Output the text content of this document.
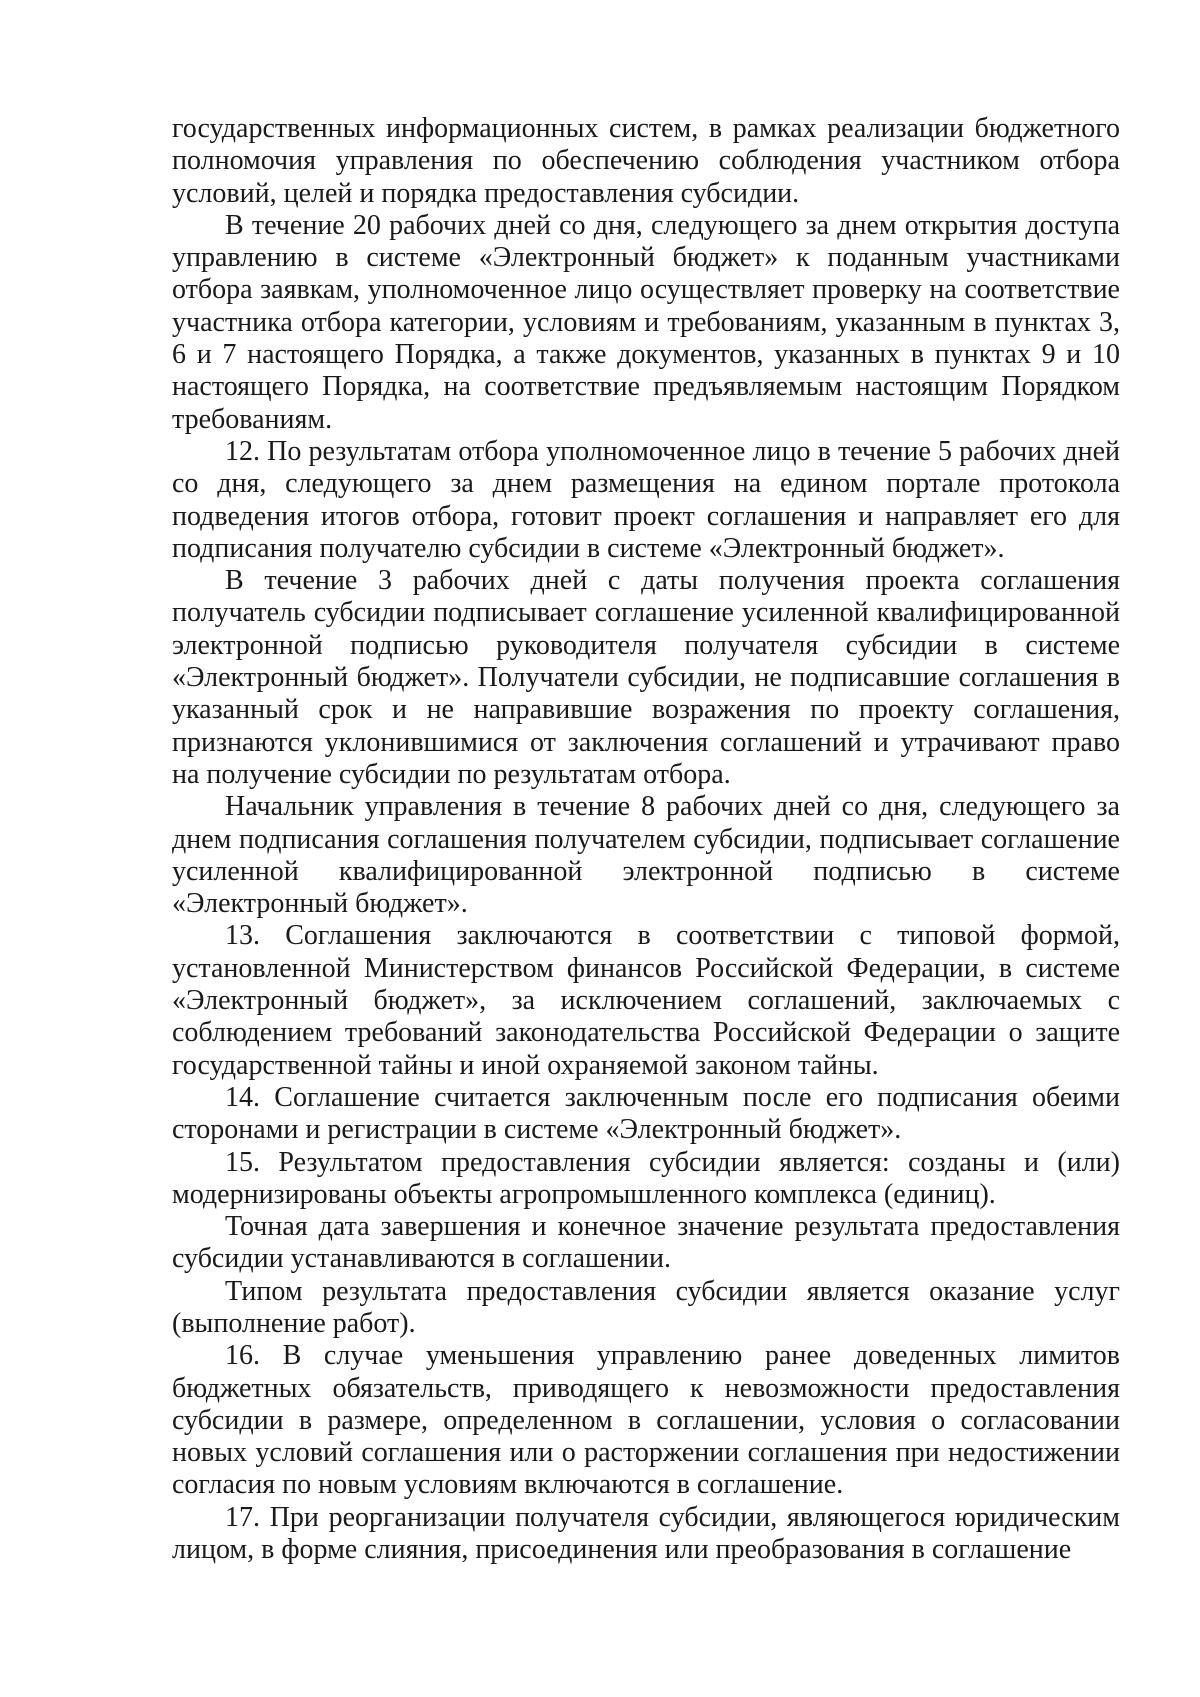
государственных информационных систем, в рамках реализации бюджетного полномочия управления по обеспечению соблюдения участником отбора условий, целей и порядка предоставления субсидии.

В течение 20 рабочих дней со дня, следующего за днем открытия доступа управлению в системе «Электронный бюджет» к поданным участниками отбора заявкам, уполномоченное лицо осуществляет проверку на соответствие участника отбора категории, условиям и требованиям, указанным в пунктах 3, 6 и 7 настоящего Порядка, а также документов, указанных в пунктах 9 и 10 настоящего Порядка, на соответствие предъявляемым настоящим Порядком требованиям.

12. По результатам отбора уполномоченное лицо в течение 5 рабочих дней со дня, следующего за днем размещения на едином портале протокола подведения итогов отбора, готовит проект соглашения и направляет его для подписания получателю субсидии в системе «Электронный бюджет».

В течение 3 рабочих дней с даты получения проекта соглашения получатель субсидии подписывает соглашение усиленной квалифицированной электронной подписью руководителя получателя субсидии в системе «Электронный бюджет». Получатели субсидии, не подписавшие соглашения в указанный срок и не направившие возражения по проекту соглашения, признаются уклонившимися от заключения соглашений и утрачивают право на получение субсидии по результатам отбора.

Начальник управления в течение 8 рабочих дней со дня, следующего за днем подписания соглашения получателем субсидии, подписывает соглашение усиленной квалифицированной электронной подписью в системе «Электронный бюджет».

13. Соглашения заключаются в соответствии с типовой формой, установленной Министерством финансов Российской Федерации, в системе «Электронный бюджет», за исключением соглашений, заключаемых с соблюдением требований законодательства Российской Федерации о защите государственной тайны и иной охраняемой законом тайны.

14. Соглашение считается заключенным после его подписания обеими сторонами и регистрации в системе «Электронный бюджет».

15. Результатом предоставления субсидии является: созданы и (или) модернизированы объекты агропромышленного комплекса (единиц).

Точная дата завершения и конечное значение результата предоставления субсидии устанавливаются в соглашении.

Типом результата предоставления субсидии является оказание услуг (выполнение работ).

16. В случае уменьшения управлению ранее доведенных лимитов бюджетных обязательств, приводящего к невозможности предоставления субсидии в размере, определенном в соглашении, условия о согласовании новых условий соглашения или о расторжении соглашения при недостижении согласия по новым условиям включаются в соглашение.

17. При реорганизации получателя субсидии, являющегося юридическим лицом, в форме слияния, присоединения или преобразования в соглашение
